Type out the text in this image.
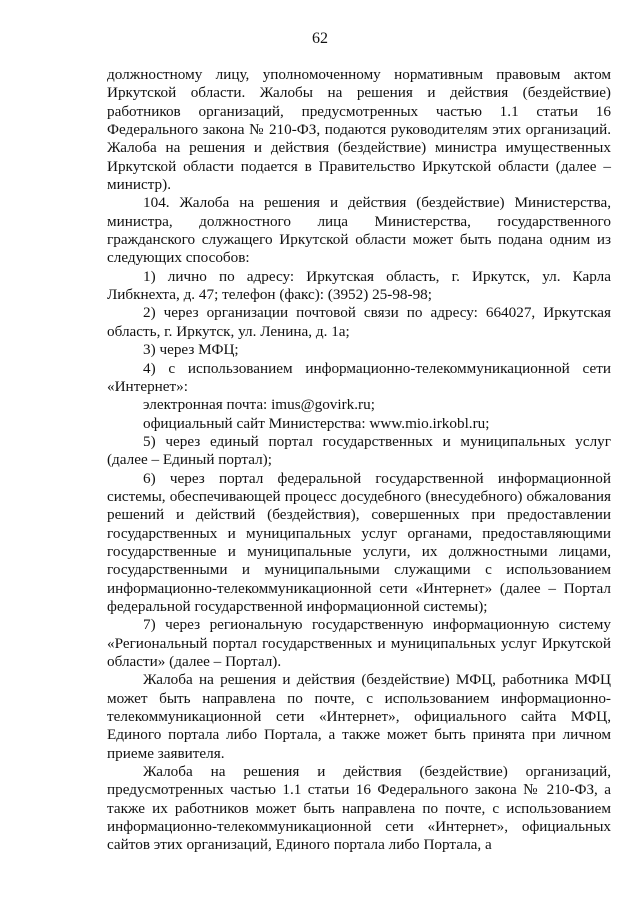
62

должностному лицу, уполномоченному нормативным правовым актом Иркутской области. Жалобы на решения и действия (бездействие) работников организаций, предусмотренных частью 1.1 статьи 16 Федерального закона № 210-ФЗ, подаются руководителям этих организаций. Жалоба на решения и действия (бездействие) министра имущественных Иркутской области подается в Правительство Иркутской области (далее – министр).

104. Жалоба на решения и действия (бездействие) Министерства, министра, должностного лица Министерства, государственного гражданского служащего Иркутской области может быть подана одним из следующих способов:

1) лично по адресу: Иркутская область, г. Иркутск, ул. Карла Либкнехта, д. 47; телефон (факс): (3952) 25-98-98;

2) через организации почтовой связи по адресу: 664027, Иркутская область, г. Иркутск, ул. Ленина, д. 1а;

3) через МФЦ;

4) с использованием информационно-телекоммуникационной сети «Интернет»:

электронная почта: imus@govirk.ru;

официальный сайт Министерства: www.mio.irkobl.ru;

5) через единый портал государственных и муниципальных услуг (далее – Единый портал);

6) через портал федеральной государственной информационной системы, обеспечивающей процесс досудебного (внесудебного) обжалования решений и действий (бездействия), совершенных при предоставлении государственных и муниципальных услуг органами, предоставляющими государственные и муниципальные услуги, их должностными лицами, государственными и муниципальными служащими с использованием информационно-телекоммуникационной сети «Интернет» (далее – Портал федеральной государственной информационной системы);

7) через региональную государственную информационную систему «Региональный портал государственных и муниципальных услуг Иркутской области» (далее – Портал).

Жалоба на решения и действия (бездействие) МФЦ, работника МФЦ может быть направлена по почте, с использованием информационно-телекоммуникационной сети «Интернет», официального сайта МФЦ, Единого портала либо Портала, а также может быть принята при личном приеме заявителя.

Жалоба на решения и действия (бездействие) организаций, предусмотренных частью 1.1 статьи 16 Федерального закона № 210-ФЗ, а также их работников может быть направлена по почте, с использованием информационно-телекоммуникационной сети «Интернет», официальных сайтов этих организаций, Единого портала либо Портала, а
